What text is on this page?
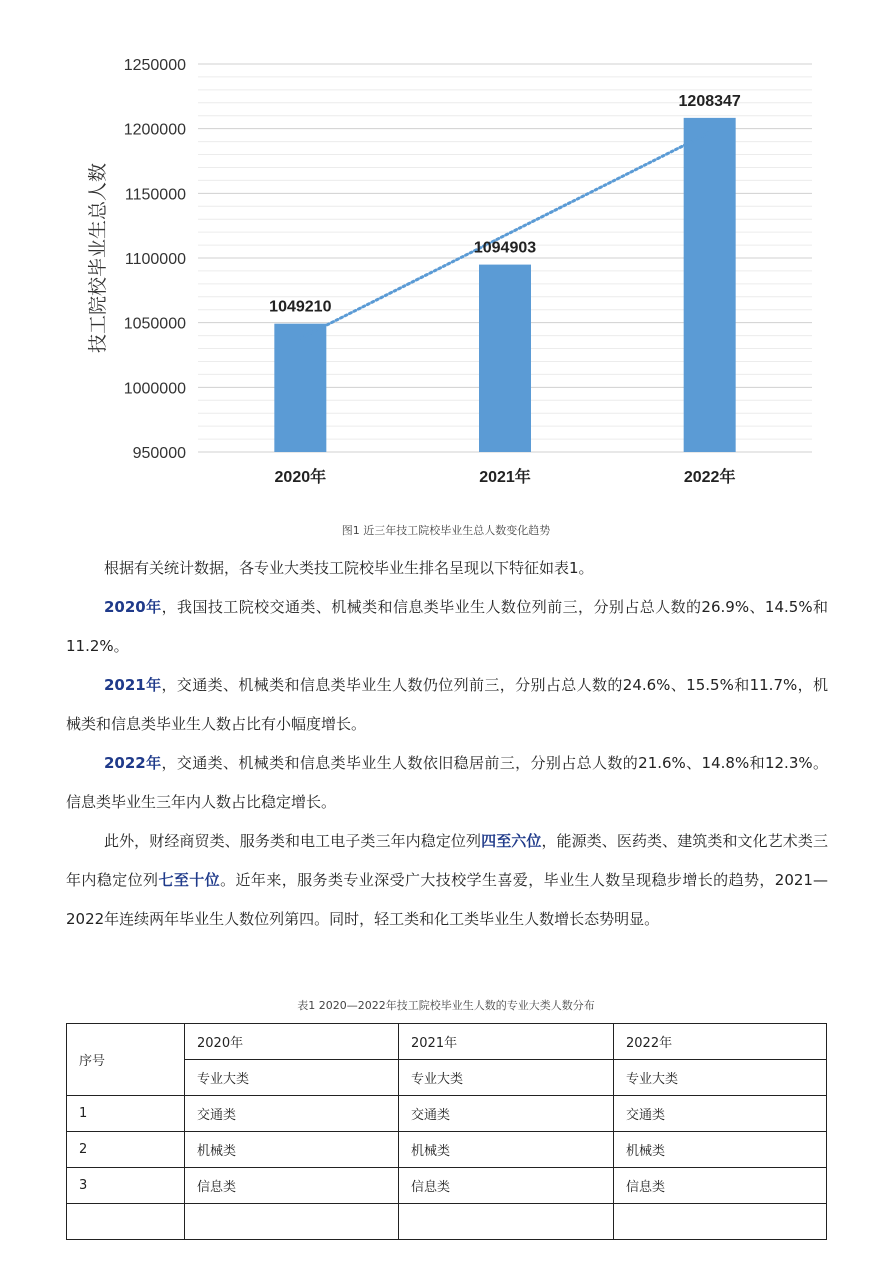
1250000
1200000
1150000
1100000
1050000
1000000
950000
2020年	2021年	2022年
1049210
1094903
1208347
技工院校毕业生总人数
图1 近三年技工院校毕业生总人数变化趋势

根据有关统计数据，各专业大类技工院校毕业生排名呈现以下特征如表1。

2020年，我国技工院校交通类、机械类和信息类毕业生人数位列前三，分别占总人数的26.9%、14.5%和11.2%。

2021年，交通类、机械类和信息类毕业生人数仍位列前三，分别占总人数的24.6%、15.5%和11.7%，机械类和信息类毕业生人数占比有小幅度增长。

2022年，交通类、机械类和信息类毕业生人数依旧稳居前三，分别占总人数的21.6%、14.8%和12.3%。信息类毕业生三年内人数占比稳定增长。

此外，财经商贸类、服务类和电工电子类三年内稳定位列四至六位，能源类、医药类、建筑类和文化艺术类三年内稳定位列七至十位。近年来，服务类专业深受广大技校学生喜爱，毕业生人数呈现稳步增长的趋势，2021—2022年连续两年毕业生人数位列第四。同时，轻工类和化工类毕业生人数增长态势明显。

表1 2020—2022年技工院校毕业生人数的专业大类人数分布
序号	2020年	2021年	2022年
	专业大类	专业大类	专业大类
1	交通类	交通类	交通类
2	机械类	机械类	机械类
3	信息类	信息类	信息类
